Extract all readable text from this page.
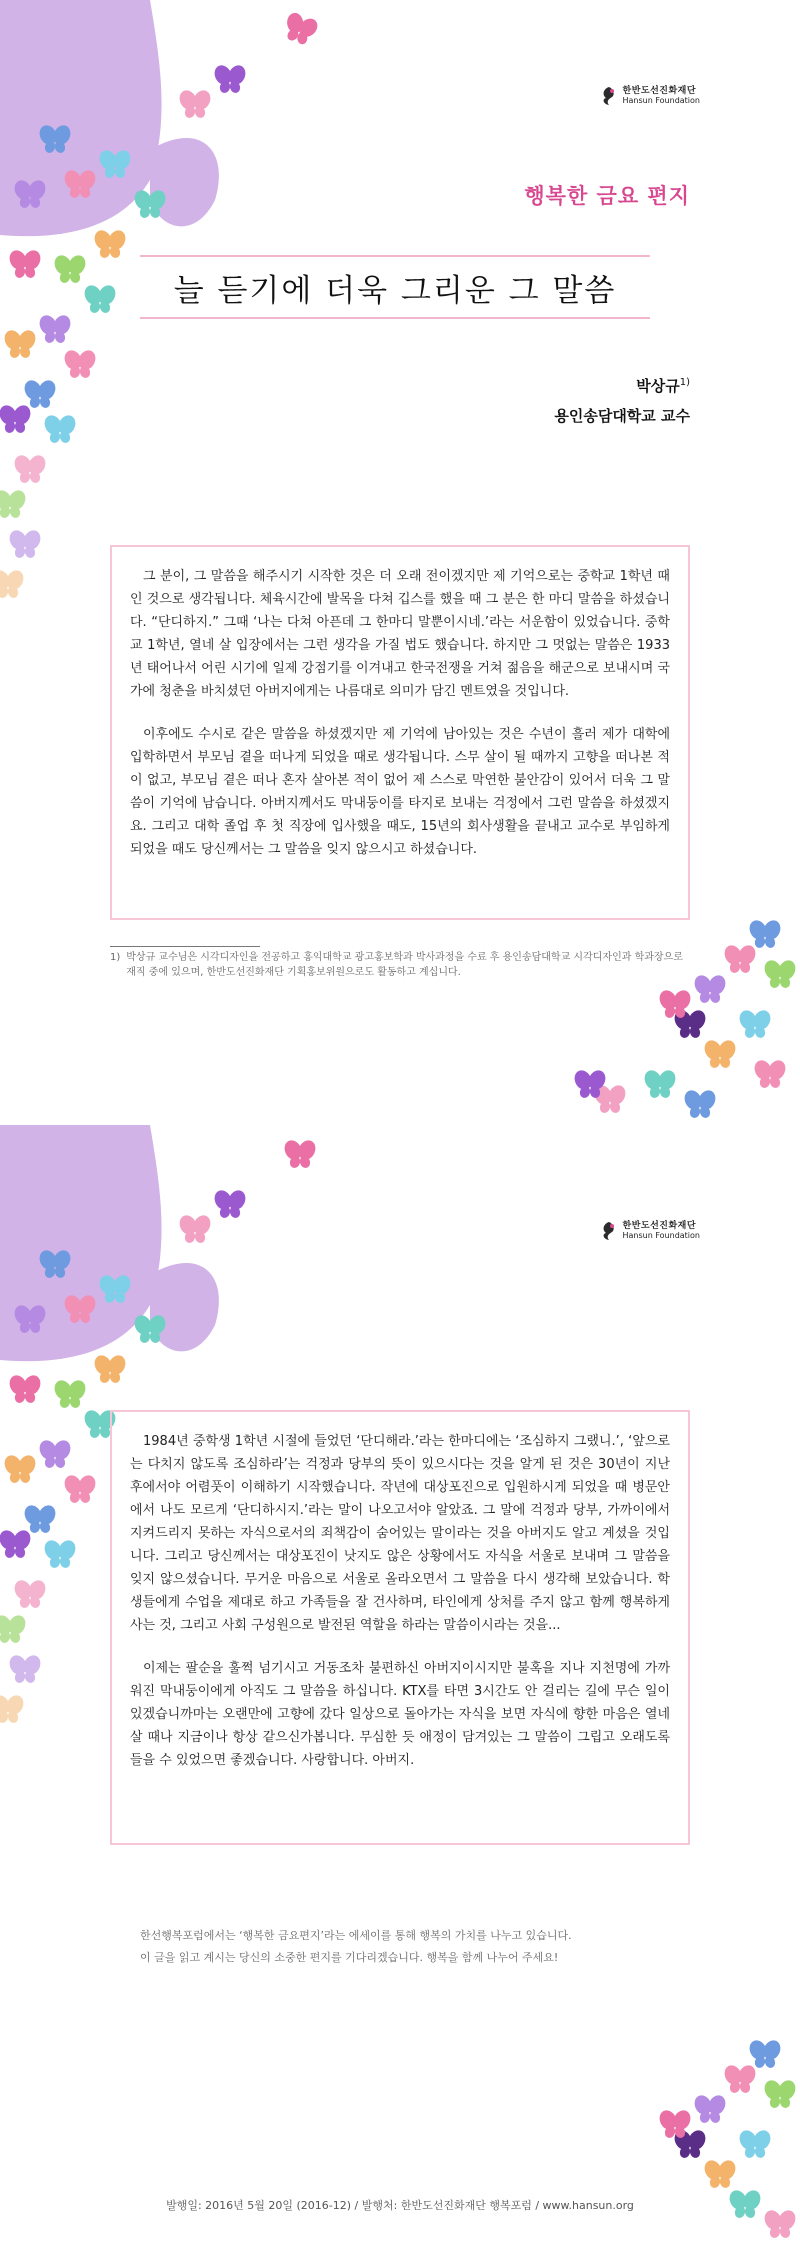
한반도선진화재단
Hansun Foundation
행복한 금요 편지
늘 듣기에 더욱 그리운 그 말씀
박상규$^{1)}$
용인송담대학교 교수

그 분이, 그 말씀을 해주시기 시작한 것은 더 오래 전이겠지만 제 기억으로는 중학교 1학년 때인 것으로 생각됩니다. 체육시간에 발목을 다쳐 깁스를 했을 때 그 분은 한 마디 말씀을 하셨습니다. “단디하지.” 그때 ‘나는 다쳐 아픈데 그 한마디 말뿐이시네.’라는 서운함이 있었습니다. 중학교 1학년, 열네 살 입장에서는 그런 생각을 가질 법도 했습니다. 하지만 그 멋없는 말씀은 1933년 태어나서 어린 시기에 일제 강점기를 이겨내고 한국전쟁을 거쳐 젊음을 해군으로 보내시며 국가에 청춘을 바치셨던 아버지에게는 나름대로 의미가 담긴 멘트였을 것입니다.

이후에도 수시로 같은 말씀을 하셨겠지만 제 기억에 남아있는 것은 수년이 흘러 제가 대학에 입학하면서 부모님 곁을 떠나게 되었을 때로 생각됩니다. 스무 살이 될 때까지 고향을 떠나본 적이 없고, 부모님 곁은 떠나 혼자 살아본 적이 없어 제 스스로 막연한 불안감이 있어서 더욱 그 말씀이 기억에 남습니다. 아버지께서도 막내둥이를 타지로 보내는 걱정에서 그런 말씀을 하셨겠지요. 그리고 대학 졸업 후 첫 직장에 입사했을 때도, 15년의 회사생활을 끝내고 교수로 부임하게 되었을 때도 당신께서는 그 말씀을 잊지 않으시고 하셨습니다.

1) 박상규 교수님은 시각디자인을 전공하고 홍익대학교 광고홍보학과 박사과정을 수료 후 용인송담대학교 시각디자인과 학과장으로 재직 중에 있으며, 한반도선진화재단 기획홍보위원으로도 활동하고 계십니다.
한반도선진화재단
Hansun Foundation

1984년 중학생 1학년 시절에 들었던 ‘단디해라.’라는 한마디에는 ‘조심하지 그랬니.’, ‘앞으로는 다치지 않도록 조심하라’는 걱정과 당부의 뜻이 있으시다는 것을 알게 된 것은 30년이 지난 후에서야 어렴풋이 이해하기 시작했습니다. 작년에 대상포진으로 입원하시게 되었을 때 병문안에서 나도 모르게 ‘단디하시지.’라는 말이 나오고서야 알았죠. 그 말에 걱정과 당부, 가까이에서 지켜드리지 못하는 자식으로서의 죄책감이 숨어있는 말이라는 것을 아버지도 알고 계셨을 것입니다. 그리고 당신께서는 대상포진이 낫지도 않은 상황에서도 자식을 서울로 보내며 그 말씀을 잊지 않으셨습니다. 무거운 마음으로 서울로 올라오면서 그 말씀을 다시 생각해 보았습니다. 학생들에게 수업을 제대로 하고 가족들을 잘 건사하며, 타인에게 상처를 주지 않고 함께 행복하게 사는 것, 그리고 사회 구성원으로 발전된 역할을 하라는 말씀이시라는 것을...

이제는 팔순을 훌쩍 넘기시고 거동조차 불편하신 아버지이시지만 불혹을 지나 지천명에 가까워진 막내둥이에게 아직도 그 말씀을 하십니다. KTX를 타면 3시간도 안 걸리는 길에 무슨 일이 있겠습니까마는 오랜만에 고향에 갔다 일상으로 돌아가는 자식을 보면 자식에 향한 마음은 열네 살 때나 지금이나 항상 같으신가봅니다. 무심한 듯 애정이 담겨있는 그 말씀이 그립고 오래도록 들을 수 있었으면 좋겠습니다. 사랑합니다. 아버지.

한선행복포럼에서는 ‘행복한 금요편지’라는 에세이를 통해 행복의 가치를 나누고 있습니다.
이 글을 읽고 계시는 당신의 소중한 편지를 기다리겠습니다. 행복을 함께 나누어 주세요!
발행일: 2016년 5월 20일 (2016-12) / 발행처: 한반도선진화재단 행복포럼 / www.hansun.org
